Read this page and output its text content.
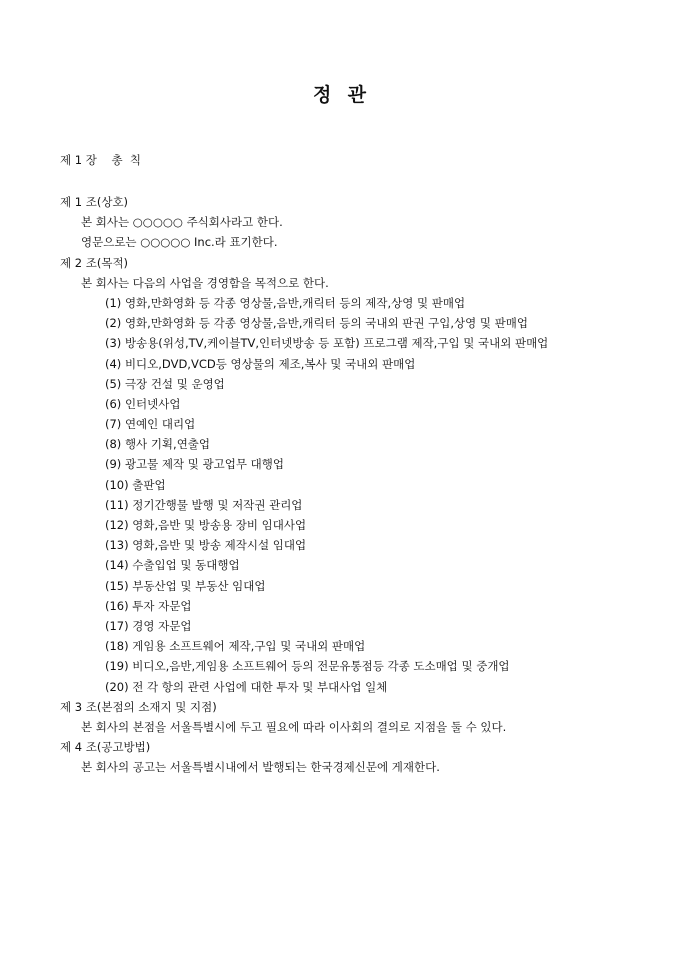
정  관
제 1 장    총  칙
제 1 조(상호)
본 회사는 ○○○○○ 주식회사라고 한다.
영문으로는 ○○○○○ Inc.라 표기한다.
제 2 조(목적)
본 회사는 다음의 사업을 경영함을 목적으로 한다.
(1) 영화,만화영화 등 각종 영상물,음반,캐릭터 등의 제작,상영 및 판매업
(2) 영화,만화영화 등 각종 영상물,음반,캐릭터 등의 국내외 판권 구입,상영 및 판매업
(3) 방송용(위성,TV,케이블TV,인터넷방송 등 포함) 프로그램 제작,구입 및 국내외 판매업
(4) 비디오,DVD,VCD등 영상물의 제조,복사 및 국내외 판매업
(5) 극장 건설 및 운영업
(6) 인터넷사업
(7) 연예인 대리업
(8) 행사 기획,연출업
(9) 광고물 제작 및 광고업무 대행업
(10) 출판업
(11) 정기간행물 발행 및 저작권 관리업
(12) 영화,음반 및 방송용 장비 임대사업
(13) 영화,음반 및 방송 제작시설 임대업
(14) 수출입업 및 동대행업
(15) 부동산업 및 부동산 임대업
(16) 투자 자문업
(17) 경영 자문업
(18) 게임용 소프트웨어 제작,구입 및 국내외 판매업
(19) 비디오,음반,게임용 소프트웨어 등의 전문유통점등 각종 도소매업 및 중개업
(20) 전 각 항의 관련 사업에 대한 투자 및 부대사업 일체
제 3 조(본점의 소재지 및 지점)
본 회사의 본점을 서울특별시에 두고 필요에 따라 이사회의 결의로 지점을 둘 수 있다.
제 4 조(공고방법)
본 회사의 공고는 서울특별시내에서 발행되는 한국경제신문에 게재한다.
